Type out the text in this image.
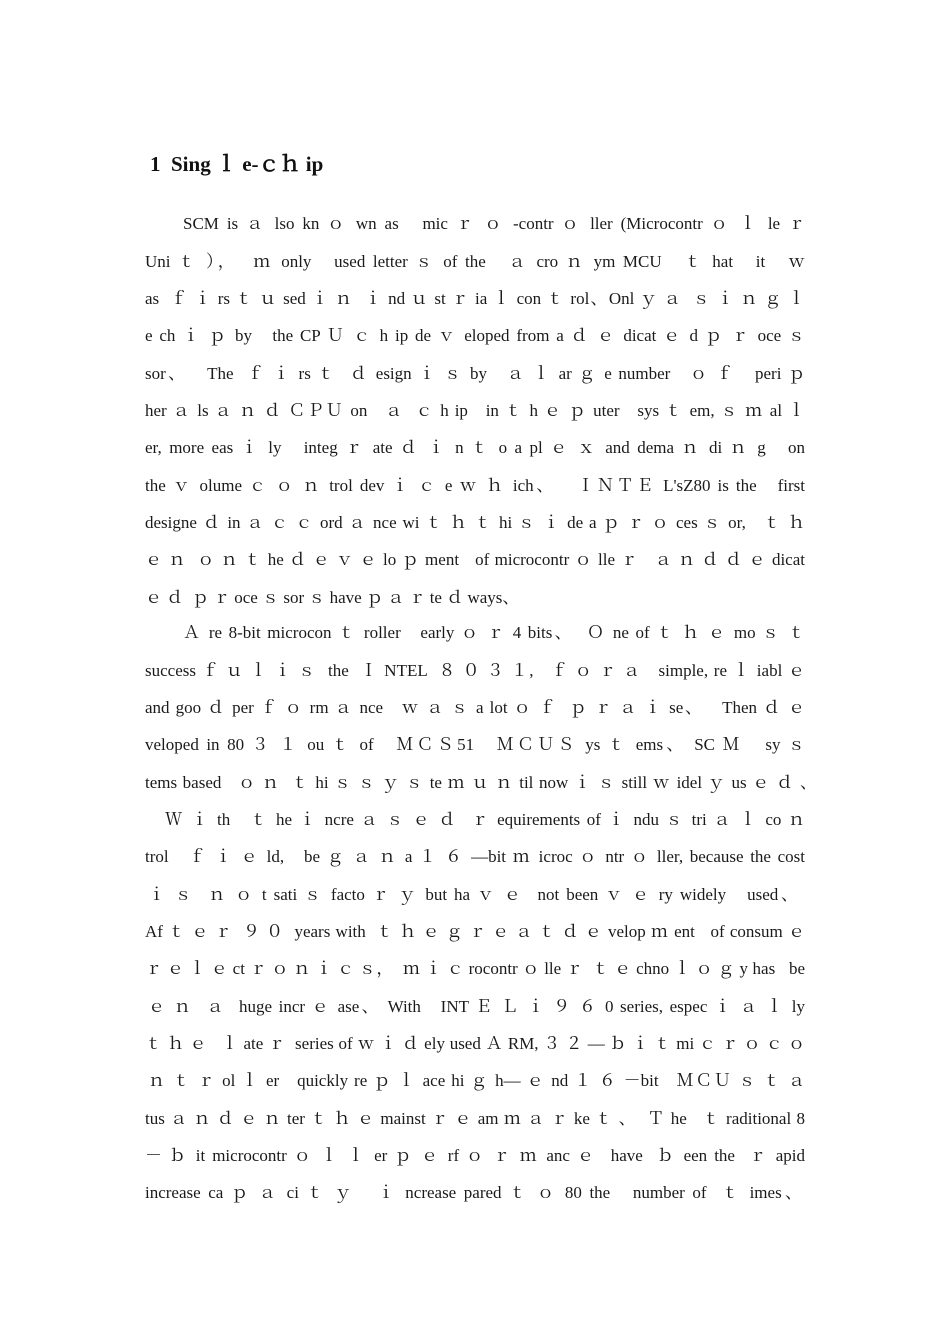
1  Sing ｌ e-ｃｈ ip
SCM is ａ lso kn ｏ wn as   mic ｒ ｏ -contr ｏ ller (Microcontr ｏ ｌ le ｒ
Uni ｔ ），  ｍ only   used letter ｓ of the   ａ cro ｎ ym MCU   ｔ hat   it   ｗ
as  ｆ ｉ rs ｔ ｕ sed ｉ ｎ  ｉ nd ｕ st ｒ ia ｌ con ｔ rol、Onl ｙ ａ  ｓ ｉ ｎ ｇ ｌ
e ch ｉ ｐ by   the CP Ｕ ｃ h ip de ｖ eloped from a ｄ ｅ dicat ｅ d ｐ ｒ oce ｓ
sor、   The  ｆ ｉ rs ｔ  ｄ esign ｉ ｓ by   ａ ｌ ar ｇ e number   ｏ ｆ   peri ｐ
her ａ ls ａ ｎ ｄ ＣＰＵ on   ａ  ｃ h ip   in ｔ h ｅ ｐ uter   sys ｔ em, ｓ ｍ al ｌ
er, more eas ｉ ly   integ ｒ ate ｄ ｉ n ｔ o a pl ｅ ｘ and dema ｎ di ｎ g   on
the ｖ olume ｃ ｏ ｎ trol dev ｉ ｃ e ｗ ｈ ich、   ＩＮＴＥ L'sZ80 is the   first
designe ｄ in ａ ｃ ｃ ord ａ nce wi ｔ ｈ ｔ hi ｓ ｉ de a ｐ ｒ ｏ ces ｓ or,   ｔ ｈ
ｅ ｎ  ｏ ｎ ｔ he ｄ ｅ ｖ ｅ lo ｐ ment   of microcontr ｏ lle ｒ   ａ ｎ ｄ ｄ ｅ dicat
ｅ ｄ  ｐ ｒ oce ｓ sor ｓ have ｐ ａ ｒ te ｄ ways、
Ａ re 8-bit microcon ｔ roller   early ｏ ｒ 4 bits、  Ｏ ne of ｔ ｈ ｅ mo ｓ ｔ
success ｆ ｕ ｌ ｉ ｓ  the  Ｉ NTEL  ８ ０ ３ １,   ｆ ｏ ｒ ａ   simple, re ｌ iabl ｅ
and goo ｄ per ｆ ｏ rm ａ nce   ｗ ａ ｓ a lot ｏ ｆ  ｐ ｒ ａ ｉ se、   Then ｄ ｅ
veloped in 80 ３ １ ou ｔ of   ＭＣＳ51   ＭＣＵＳ ys ｔ ems、 SC Ｍ   sy ｓ
tems based   ｏ ｎ  ｔ hi ｓ ｓ ｙ ｓ te ｍ ｕ ｎ til now ｉ ｓ still ｗ idel ｙ us ｅ ｄ 、
Ｗ ｉ th   ｔ he ｉ ncre ａ ｓ ｅ ｄ  ｒ equirements of ｉ ndu ｓ tri ａ ｌ co ｎ
trol   ｆ ｉ ｅ ld,   be ｇ ａ ｎ a １ ６ —bit ｍ icroc ｏ ntr ｏ ller, because the cost
ｉ ｓ  ｎ ｏ t sati ｓ facto ｒ ｙ but ha ｖ ｅ  not been ｖ ｅ ry widely   used、
Af ｔ ｅ ｒ  ９ ０  years with  ｔ ｈ ｅ ｇ ｒ ｅ ａ ｔ ｄ ｅ velop ｍ ent   of consum ｅ
ｒ ｅ ｌ ｅ ct ｒ ｏ ｎ ｉ ｃ ｓ，  ｍ ｉ ｃ rocontr ｏ lle ｒ  ｔ ｅ chno ｌ ｏ ｇ y has   be
ｅ ｎ  ａ  huge incr ｅ ase、 With   INT Ｅ Ｌ ｉ ９ ６ 0 series, espec ｉ ａ ｌ ly
ｔ ｈ ｅ   ｌ ate ｒ  series of ｗ ｉ ｄ ely used Ａ RM, ３ ２ — ｂ ｉ ｔ mi ｃ ｒ ｏ ｃ ｏ
ｎ ｔ ｒ ol ｌ er   quickly re ｐ ｌ ace hi ｇ h— ｅ nd １ ６ －bit   ＭＣＵ ｓ ｔ ａ
tus ａ ｎ ｄ ｅ ｎ ter ｔ ｈ ｅ mainst ｒ ｅ am ｍ ａ ｒ ke ｔ 、  Ｔ he   ｔ raditional 8
－ ｂ it microcontr ｏ ｌ ｌ er ｐ ｅ rf ｏ ｒ ｍ anc ｅ  have  ｂ een the  ｒ apid
increase ca ｐ ａ ci ｔ ｙ   ｉ ncrease pared ｔ ｏ 80 the   number of  ｔ imes、
